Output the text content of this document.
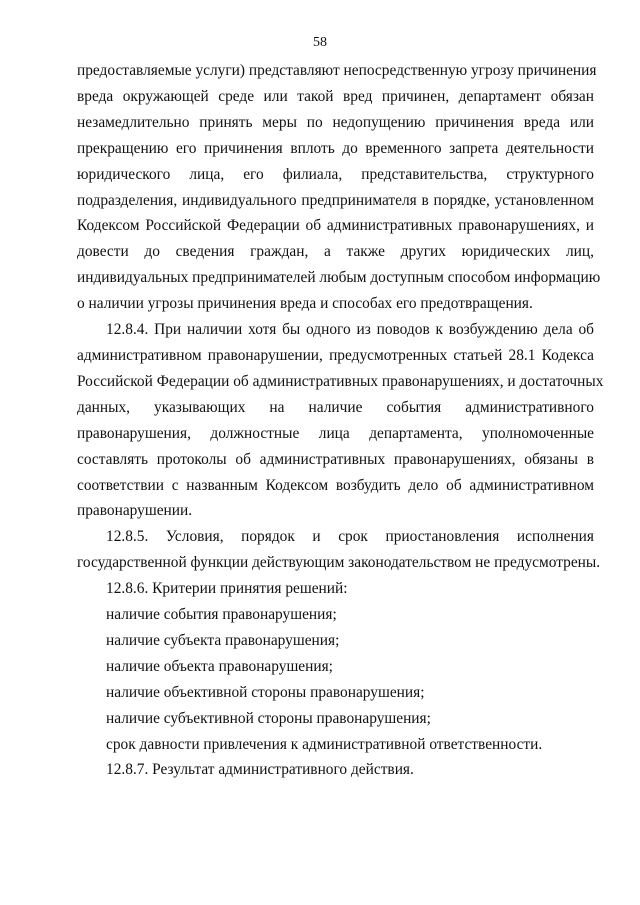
58

предоставляемые услуги) представляют непосредственную угрозу причинения

вреда окружающей среде или такой вред причинен, департамент обязан

незамедлительно принять меры по недопущению причинения вреда или

прекращению его причинения вплоть до временного запрета деятельности

юридического лица, его филиала, представительства, структурного

подразделения, индивидуального предпринимателя в порядке, установленном

Кодексом Российской Федерации об административных правонарушениях, и

довести до сведения граждан, а также других юридических лиц,

индивидуальных предпринимателей любым доступным способом информацию

о наличии угрозы причинения вреда и способах его предотвращения.

12.8.4. При наличии хотя бы одного из поводов к возбуждению дела об

административном правонарушении, предусмотренных статьей 28.1 Кодекса

Российской Федерации об административных правонарушениях, и достаточных

данных, указывающих на наличие события административного

правонарушения, должностные лица департамента, уполномоченные

составлять протоколы об административных правонарушениях, обязаны в

соответствии с названным Кодексом возбудить дело об административном

правонарушении.

12.8.5. Условия, порядок и срок приостановления исполнения

государственной функции действующим законодательством не предусмотрены.

12.8.6. Критерии принятия решений:

наличие события правонарушения;

наличие субъекта правонарушения;

наличие объекта правонарушения;

наличие объективной стороны правонарушения;

наличие субъективной стороны правонарушения;

срок давности привлечения к административной ответственности.

12.8.7. Результат административного действия.
